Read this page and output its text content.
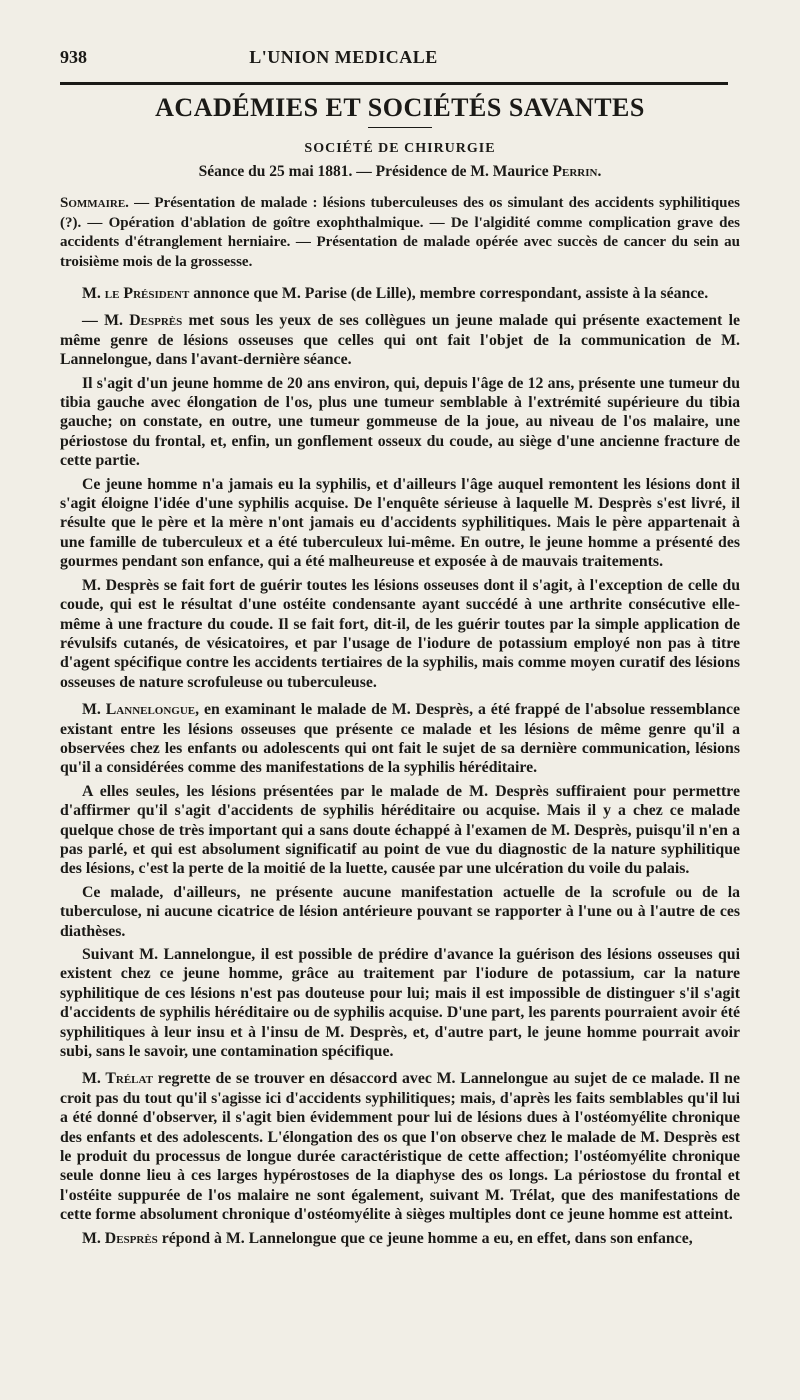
938	L'UNION MEDICALE
ACADÉMIES ET SOCIÉTÉS SAVANTES
SOCIÉTÉ DE CHIRURGIE
Séance du 25 mai 1881. — Présidence de M. Maurice Perrin.

Sommaire. — Présentation de malade : lésions tuberculeuses des os simulant des accidents syphilitiques (?). — Opération d'ablation de goître exophthalmique. — De l'algidité comme complication grave des accidents d'étranglement herniaire. — Présentation de malade opérée avec succès de cancer du sein au troisième mois de la grossesse.

M. le Président annonce que M. Parise (de Lille), membre correspondant, assiste à la séance.

— M. Desprès met sous les yeux de ses collègues un jeune malade qui présente exactement le même genre de lésions osseuses que celles qui ont fait l'objet de la communication de M. Lannelongue, dans l'avant-dernière séance.

Il s'agit d'un jeune homme de 20 ans environ, qui, depuis l'âge de 12 ans, présente une tumeur du tibia gauche avec élongation de l'os, plus une tumeur semblable à l'extrémité supérieure du tibia gauche; on constate, en outre, une tumeur gommeuse de la joue, au niveau de l'os malaire, une périostose du frontal, et, enfin, un gonflement osseux du coude, au siège d'une ancienne fracture de cette partie.

Ce jeune homme n'a jamais eu la syphilis, et d'ailleurs l'âge auquel remontent les lésions dont il s'agit éloigne l'idée d'une syphilis acquise. De l'enquête sérieuse à laquelle M. Desprès s'est livré, il résulte que le père et la mère n'ont jamais eu d'accidents syphilitiques. Mais le père appartenait à une famille de tuberculeux et a été tuberculeux lui-même. En outre, le jeune homme a présenté des gourmes pendant son enfance, qui a été malheureuse et exposée à de mauvais traitements.

M. Desprès se fait fort de guérir toutes les lésions osseuses dont il s'agit, à l'exception de celle du coude, qui est le résultat d'une ostéite condensante ayant succédé à une arthrite consécutive elle-même à une fracture du coude. Il se fait fort, dit-il, de les guérir toutes par la simple application de révulsifs cutanés, de vésicatoires, et par l'usage de l'iodure de potassium employé non pas à titre d'agent spécifique contre les accidents tertiaires de la syphilis, mais comme moyen curatif des lésions osseuses de nature scrofuleuse ou tuberculeuse.

M. Lannelongue, en examinant le malade de M. Desprès, a été frappé de l'absolue ressemblance existant entre les lésions osseuses que présente ce malade et les lésions de même genre qu'il a observées chez les enfants ou adolescents qui ont fait le sujet de sa dernière communication, lésions qu'il a considérées comme des manifestations de la syphilis héréditaire.

A elles seules, les lésions présentées par le malade de M. Desprès suffiraient pour permettre d'affirmer qu'il s'agit d'accidents de syphilis héréditaire ou acquise. Mais il y a chez ce malade quelque chose de très important qui a sans doute échappé à l'examen de M. Desprès, puisqu'il n'en a pas parlé, et qui est absolument significatif au point de vue du diagnostic de la nature syphilitique des lésions, c'est la perte de la moitié de la luette, causée par une ulcération du voile du palais.

Ce malade, d'ailleurs, ne présente aucune manifestation actuelle de la scrofule ou de la tuberculose, ni aucune cicatrice de lésion antérieure pouvant se rapporter à l'une ou à l'autre de ces diathèses.

Suivant M. Lannelongue, il est possible de prédire d'avance la guérison des lésions osseuses qui existent chez ce jeune homme, grâce au traitement par l'iodure de potassium, car la nature syphilitique de ces lésions n'est pas douteuse pour lui; mais il est impossible de distinguer s'il s'agit d'accidents de syphilis héréditaire ou de syphilis acquise. D'une part, les parents pourraient avoir été syphilitiques à leur insu et à l'insu de M. Desprès, et, d'autre part, le jeune homme pourrait avoir subi, sans le savoir, une contamination spécifique.

M. Trélat regrette de se trouver en désaccord avec M. Lannelongue au sujet de ce malade. Il ne croit pas du tout qu'il s'agisse ici d'accidents syphilitiques; mais, d'après les faits semblables qu'il lui a été donné d'observer, il s'agit bien évidemment pour lui de lésions dues à l'ostéomyélite chronique des enfants et des adolescents. L'élongation des os que l'on observe chez le malade de M. Desprès est le produit du processus de longue durée caractéristique de cette affection; l'ostéomyélite chronique seule donne lieu à ces larges hypérostoses de la diaphyse des os longs. La périostose du frontal et l'ostéite suppurée de l'os malaire ne sont également, suivant M. Trélat, que des manifestations de cette forme absolument chronique d'ostéomyélite à sièges multiples dont ce jeune homme est atteint.

M. Desprès répond à M. Lannelongue que ce jeune homme a eu, en effet, dans son enfance,
